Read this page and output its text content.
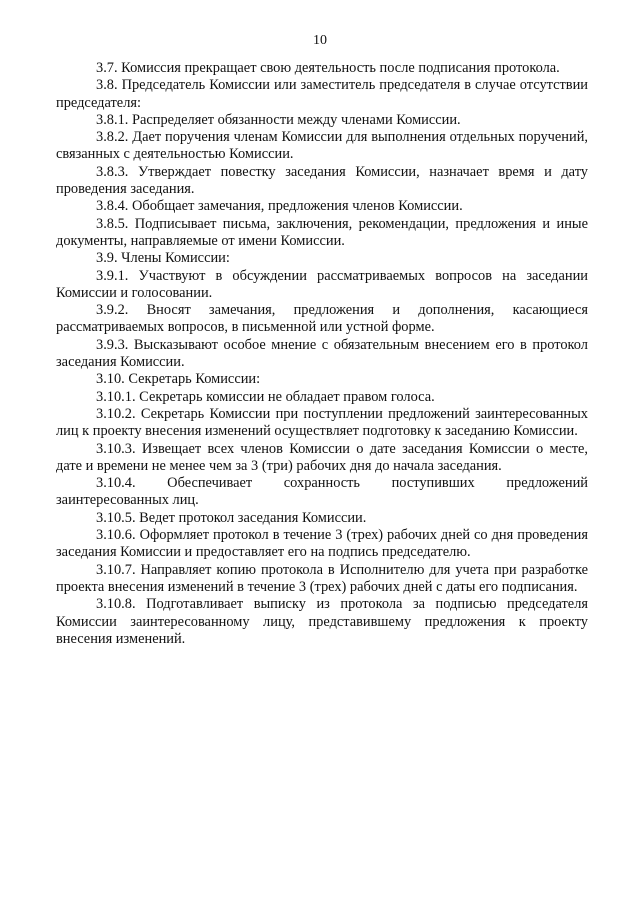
10

3.7. Комиссия прекращает свою деятельность после подписания протокола.

3.8. Председатель Комиссии или заместитель председателя в случае отсутствии председателя:

3.8.1. Распределяет обязанности между членами Комиссии.

3.8.2. Дает поручения членам Комиссии для выполнения отдельных поручений, связанных с деятельностью Комиссии.

3.8.3. Утверждает повестку заседания Комиссии, назначает время и дату проведения заседания.

3.8.4. Обобщает замечания, предложения членов Комиссии.

3.8.5. Подписывает письма, заключения, рекомендации, предложения и иные документы, направляемые от имени Комиссии.

3.9. Члены Комиссии:

3.9.1. Участвуют в обсуждении рассматриваемых вопросов на заседании Комиссии и голосовании.

3.9.2. Вносят замечания, предложения и дополнения, касающиеся рассматриваемых вопросов, в письменной или устной форме.

3.9.3. Высказывают особое мнение с обязательным внесением его в протокол заседания Комиссии.

3.10. Секретарь Комиссии:

3.10.1. Секретарь комиссии не обладает правом голоса.

3.10.2. Секретарь Комиссии при поступлении предложений заинтересованных лиц к проекту внесения изменений осуществляет подготовку к заседанию Комиссии.

3.10.3. Извещает всех членов Комиссии о дате заседания Комиссии о месте, дате и времени не менее чем за 3 (три) рабочих дня до начала заседания.

3.10.4. Обеспечивает сохранность поступивших предложений заинтересованных лиц.

3.10.5. Ведет протокол заседания Комиссии.

3.10.6. Оформляет протокол в течение 3 (трех) рабочих дней со дня проведения заседания Комиссии и предоставляет его на подпись председателю.

3.10.7. Направляет копию протокола в Исполнителю для учета при разработке проекта внесения изменений в течение 3 (трех) рабочих дней с даты его подписания.

3.10.8. Подготавливает выписку из протокола за подписью председателя Комиссии заинтересованному лицу, представившему предложения к проекту внесения изменений.
